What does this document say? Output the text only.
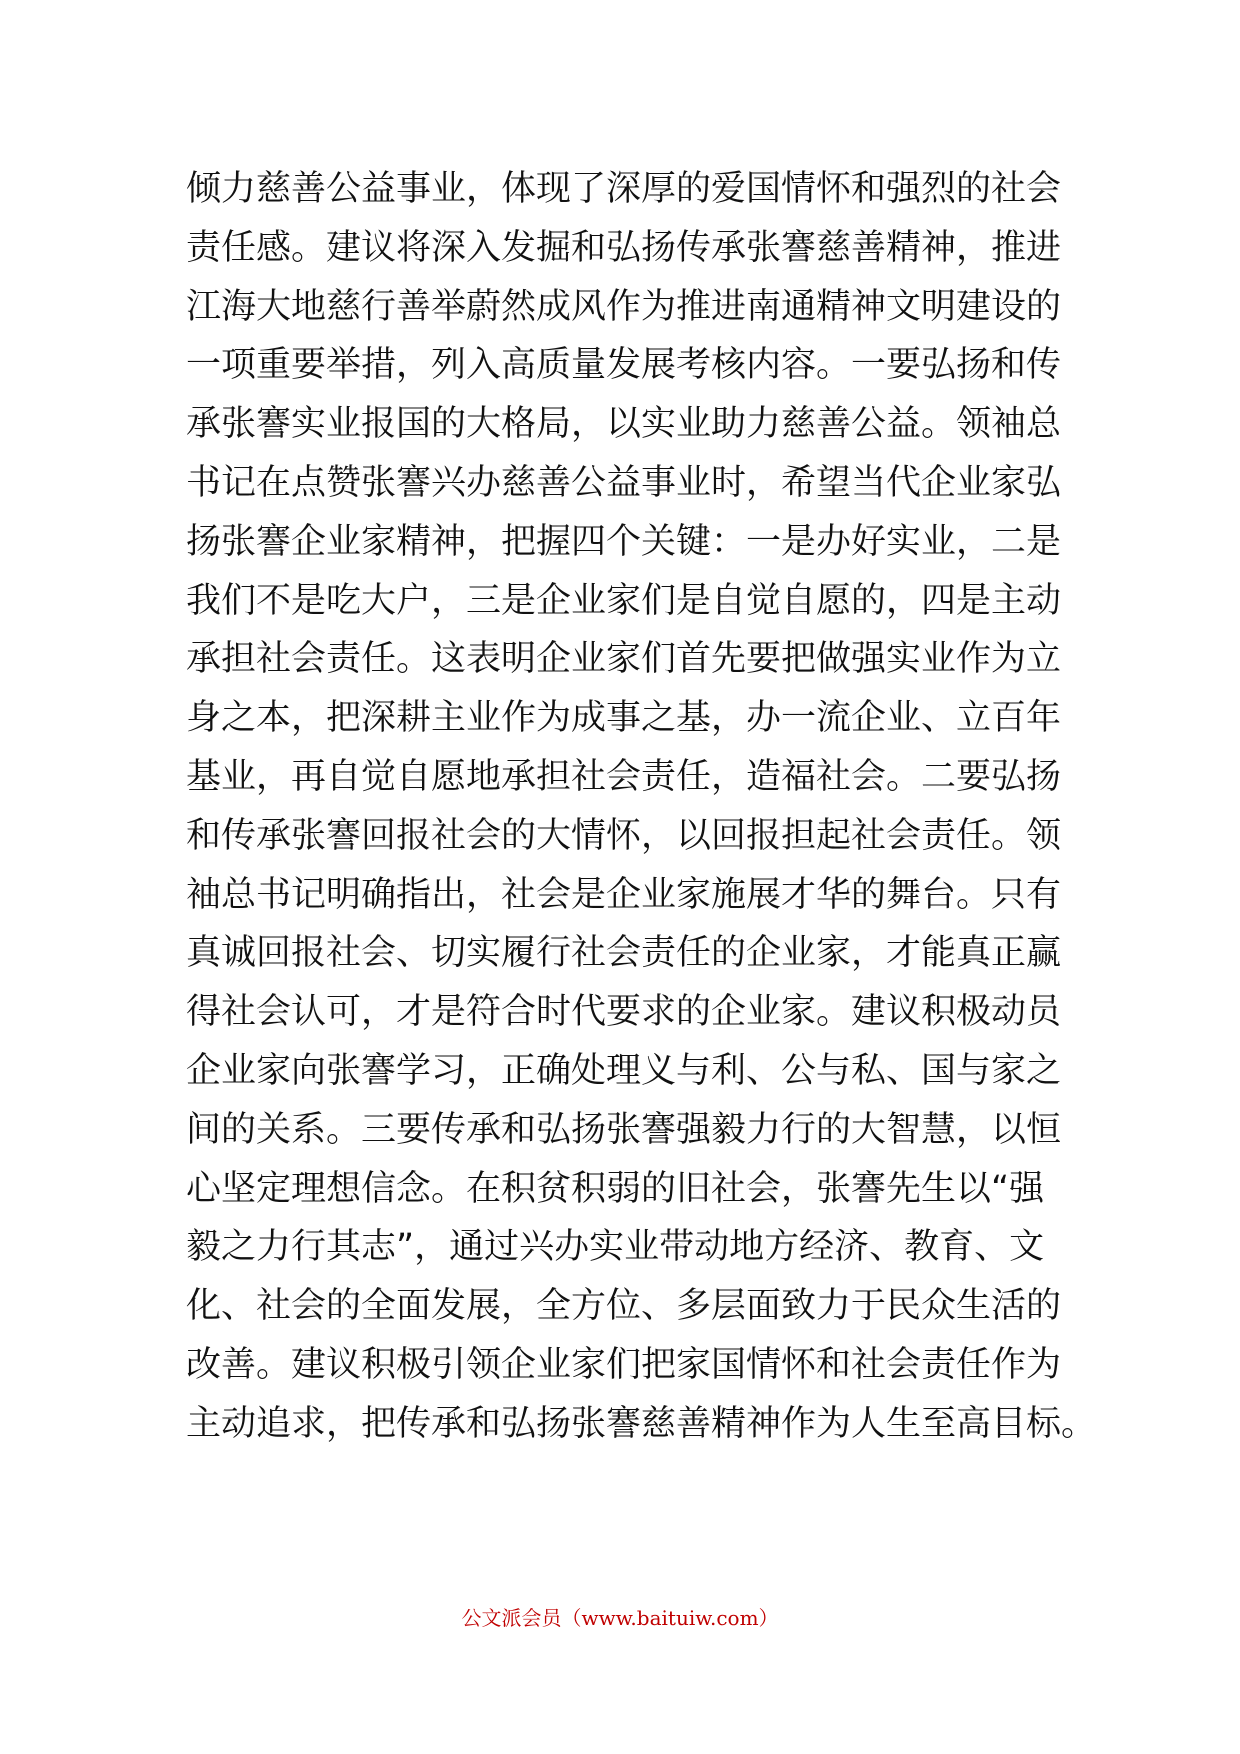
倾力慈善公益事业，体现了深厚的爱国情怀和强烈的社会
责任感。建议将深入发掘和弘扬传承张謇慈善精神，推进
江海大地慈行善举蔚然成风作为推进南通精神文明建设的
一项重要举措，列入高质量发展考核内容。一要弘扬和传
承张謇实业报国的大格局，以实业助力慈善公益。领袖总
书记在点赞张謇兴办慈善公益事业时，希望当代企业家弘
扬张謇企业家精神，把握四个关键：一是办好实业，二是
我们不是吃大户，三是企业家们是自觉自愿的，四是主动
承担社会责任。这表明企业家们首先要把做强实业作为立
身之本，把深耕主业作为成事之基，办一流企业、立百年
基业，再自觉自愿地承担社会责任，造福社会。二要弘扬
和传承张謇回报社会的大情怀，以回报担起社会责任。领
袖总书记明确指出，社会是企业家施展才华的舞台。只有
真诚回报社会、切实履行社会责任的企业家，才能真正赢
得社会认可，才是符合时代要求的企业家。建议积极动员
企业家向张謇学习，正确处理义与利、公与私、国与家之
间的关系。三要传承和弘扬张謇强毅力行的大智慧，以恒
心坚定理想信念。在积贫积弱的旧社会，张謇先生以“强
毅之力行其志”，通过兴办实业带动地方经济、教育、文
化、社会的全面发展，全方位、多层面致力于民众生活的
改善。建议积极引领企业家们把家国情怀和社会责任作为
主动追求，把传承和弘扬张謇慈善精神作为人生至高目标。
公文派会员（www.baituiw.com）
